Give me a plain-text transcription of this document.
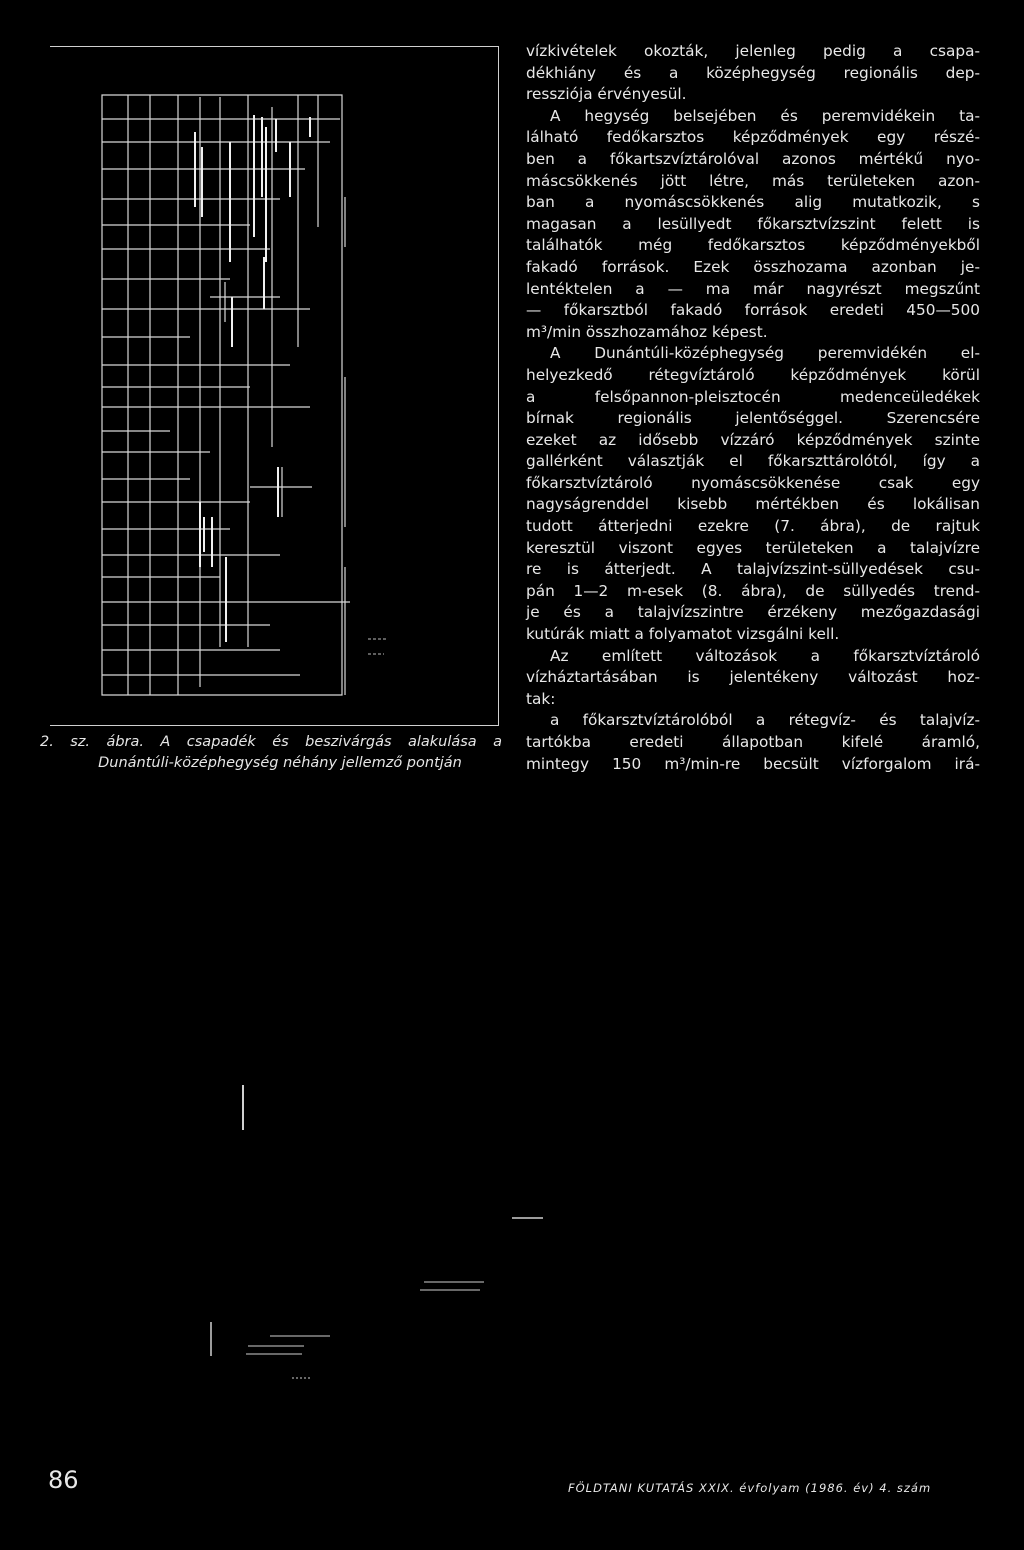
2. sz. ábra. A csapadék és beszivárgás alakulása a
Dunántúli-középhegység néhány jellemző pontján

vízkivételek okozták, jelenleg pedig a csapa-
dékhiány és a középhegység regionális dep-
ressziója érvényesül.

A hegység belsejében és peremvidékein ta-
lálható fedőkarsztos képződmények egy részé-
ben a főkartszvíztárolóval azonos mértékű nyo-
máscsökkenés jött létre, más területeken azon-
ban a nyomáscsökkenés alig mutatkozik, s
magasan a lesüllyedt főkarsztvízszint felett is
találhatók még fedőkarsztos képződményekből
fakadó források. Ezek összhozama azonban je-
lentéktelen a — ma már nagyrészt megszűnt
— főkarsztból fakadó források eredeti 450—500
m³/min összhozamához képest.

A Dunántúli-középhegység peremvidékén el-
helyezkedő rétegvíztároló képződmények körül
a felsőpannon-pleisztocén medenceüledékek
bírnak regionális jelentőséggel. Szerencsére
ezeket az idősebb vízzáró képződmények szinte
gallérként választják el főkarszttárolótól, így a
főkarsztvíztároló nyomáscsökkenése csak egy
nagyságrenddel kisebb mértékben és lokálisan
tudott átterjedni ezekre (7. ábra), de rajtuk
keresztül viszont egyes területeken a talajvízre
re is átterjedt. A talajvízszint-süllyedések csu-
pán 1—2 m-esek (8. ábra), de süllyedés trend-
je és a talajvízszintre érzékeny mezőgazdasági
kutúrák miatt a folyamatot vizsgálni kell.

Az említett változások a főkarsztvíztároló
vízháztartásában is jelentékeny változást hoz-
tak:

a főkarsztvíztárolóból a rétegvíz- és talajvíz-
tartókba eredeti állapotban kifelé áramló,
mintegy 150 m³/min-re becsült vízforgalom irá-

86	FÖLDTANI KUTATÁS XXIX. évfolyam (1986. év) 4. szám
